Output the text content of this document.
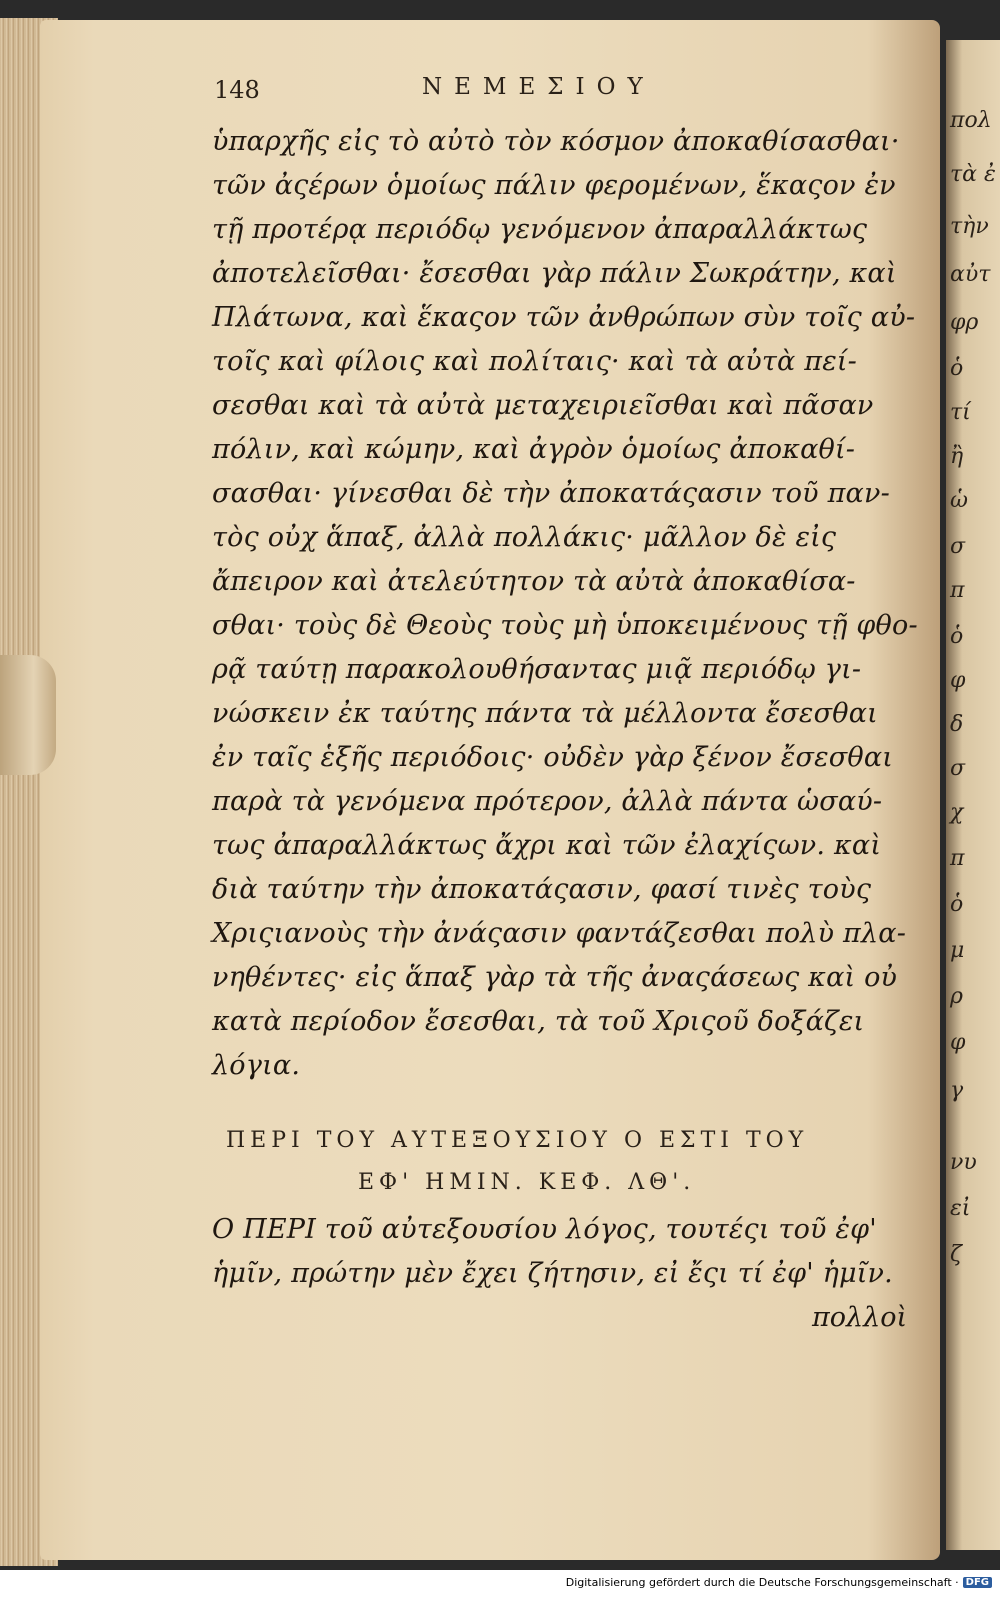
148	ΝΕΜΕΣΙΟΥ
ὑπαρχῆς εἰς τὸ αὐτὸ τὸν κόσμον ἀποκαθίσασθαι·
τῶν ἀςέρων ὁμοίως πάλιν φερομένων, ἕκαςον ἐν
τῇ προτέρᾳ περιόδῳ γενόμενον ἀπαραλλάκτως
ἀποτελεῖσθαι· ἔσεσθαι γὰρ πάλιν Σωκράτην, καὶ
Πλάτωνα, καὶ ἕκαςον τῶν ἀνθρώπων σὺν τοῖς αὐ-
τοῖς καὶ φίλοις καὶ πολίταις· καὶ τὰ αὐτὰ πεί-
σεσθαι καὶ τὰ αὐτὰ μεταχειριεῖσθαι καὶ πᾶσαν
πόλιν, καὶ κώμην, καὶ ἀγρὸν ὁμοίως ἀποκαθί-
σασθαι· γίνεσθαι δὲ τὴν ἀποκατάςασιν τοῦ παν-
τὸς οὐχ ἅπαξ, ἀλλὰ πολλάκις· μᾶλλον δὲ εἰς
ἄπειρον καὶ ἀτελεύτητον τὰ αὐτὰ ἀποκαθίσα-
σθαι· τοὺς δὲ Θεοὺς τοὺς μὴ ὑποκειμένους τῇ φθο-
ρᾷ ταύτῃ παρακολουθήσαντας μιᾷ περιόδῳ γι-
νώσκειν ἐκ ταύτης πάντα τὰ μέλλοντα ἔσεσθαι
ἐν ταῖς ἑξῆς περιόδοις· οὐδὲν γὰρ ξένον ἔσεσθαι
παρὰ τὰ γενόμενα πρότερον, ἀλλὰ πάντα ὡσαύ-
τως ἀπαραλλάκτως ἄχρι καὶ τῶν ἐλαχίςων. καὶ
διὰ ταύτην τὴν ἀποκατάςασιν, φασί τινὲς τοὺς
Χριςιανοὺς τὴν ἀνάςασιν φαντάζεσθαι πολὺ πλα-
νηθέντες· εἰς ἅπαξ γὰρ τὰ τῆς ἀναςάσεως καὶ οὐ
κατὰ περίοδον ἔσεσθαι, τὰ τοῦ Χριςοῦ δοξάζει
λόγια.
ΠΕΡΙ ΤΟΥ ΑΥΤΕΞΟΥΣΙΟΥ Ο ΕΣΤΙ ΤΟΥ
ΕΦ' ΗΜΙΝ. ΚΕΦ. ΛΘ'.
Ο ΠΕΡΙ τοῦ αὐτεξουσίου λόγος, τουτέςι τοῦ ἐφ'
ἡμῖν, πρώτην μὲν ἔχει ζήτησιν, εἰ ἔςι τί ἐφ' ἡμῖν.
πολλοὶ
πολ
τὰ ἐ
τὴν
αὐτ
φρ
ὁ
τί
ἢ
ὡ
σ
π
ὁ
φ
δ
σ
χ
π
ὁ
μ
ρ
φ
γ
νυ
εἰ
ζ
Digitalisierung gefördert durch die Deutsche Forschungsgemeinschaft · DFG
